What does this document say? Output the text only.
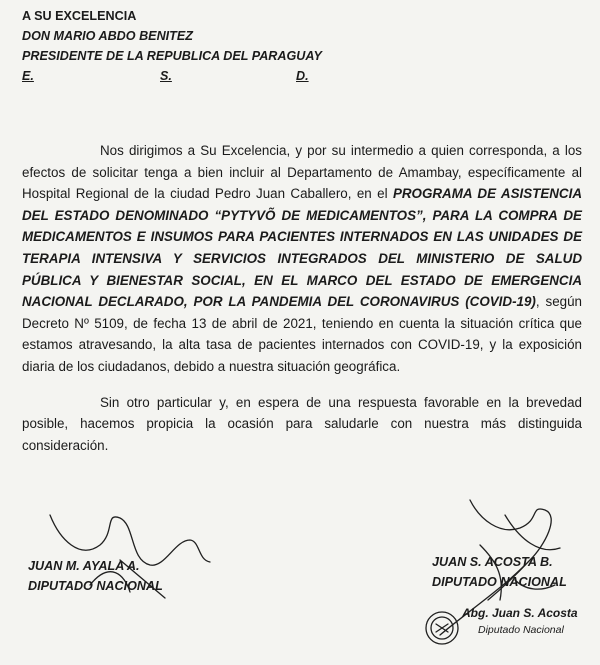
A SU EXCELENCIA
DON MARIO ABDO BENITEZ
PRESIDENTE DE LA REPUBLICA DEL PARAGUAY
E.	S.	D.

Nos dirigimos a Su Excelencia, y por su intermedio a quien corresponda, a los efectos de solicitar tenga a bien incluir al Departamento de Amambay, específicamente al Hospital Regional de la ciudad Pedro Juan Caballero, en el PROGRAMA DE ASISTENCIA DEL ESTADO DENOMINADO “PYTYVÕ DE MEDICAMENTOS”, PARA LA COMPRA DE MEDICAMENTOS E INSUMOS PARA PACIENTES INTERNADOS EN LAS UNIDADES DE TERAPIA INTENSIVA Y SERVICIOS INTEGRADOS DEL MINISTERIO DE SALUD PÚBLICA Y BIENESTAR SOCIAL, EN EL MARCO DEL ESTADO DE EMERGENCIA NACIONAL DECLARADO, POR LA PANDEMIA DEL CORONAVIRUS (COVID-19), según Decreto Nº 5109, de fecha 13 de abril de 2021, teniendo en cuenta la situación crítica que estamos atravesando, la alta tasa de pacientes internados con COVID-19, y la exposición diaria de los ciudadanos, debido a nuestra situación geográfica.

Sin otro particular y, en espera de una respuesta favorable en la brevedad posible, hacemos propicia la ocasión para saludarle con nuestra más distinguida consideración.

JUAN M. AYALA A.
DIPUTADO NACIONAL
JUAN S. ACOSTA B.
DIPUTADO NACIONAL
Abg. Juan S. Acosta
Diputado Nacional
